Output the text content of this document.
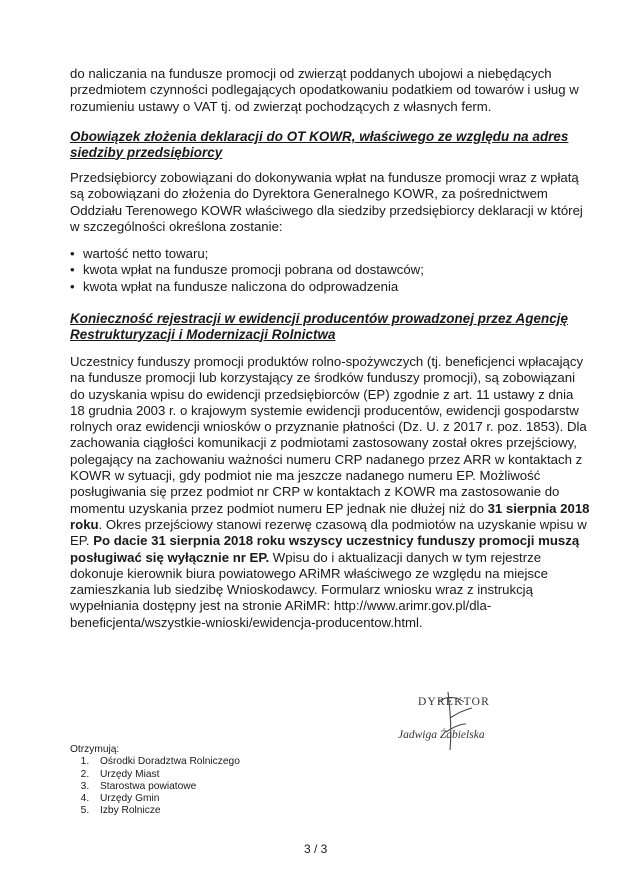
do naliczania na fundusze promocji od zwierząt poddanych ubojowi a niebędących przedmiotem czynności podlegających opodatkowaniu podatkiem od towarów i usług w rozumieniu ustawy o VAT tj. od zwierząt pochodzących z własnych ferm.

Obowiązek złożenia deklaracji do OT KOWR, właściwego ze względu na adres siedziby przedsiębiorcy

Przedsiębiorcy zobowiązani do dokonywania wpłat na fundusze promocji wraz z wpłatą są zobowiązani do złożenia do Dyrektora Generalnego KOWR, za pośrednictwem Oddziału Terenowego KOWR właściwego dla siedziby przedsiębiorcy deklaracji w której w szczególności określona zostanie:

• wartość netto towaru;
• kwota wpłat na fundusze promocji pobrana od dostawców;
• kwota wpłat na fundusze naliczona do odprowadzenia
Konieczność rejestracji w ewidencji producentów prowadzonej przez Agencję Restrukturyzacji i Modernizacji Rolnictwa

Uczestnicy funduszy promocji produktów rolno-spożywczych (tj. beneficjenci wpłacający na fundusze promocji lub korzystający ze środków funduszy promocji), są zobowiązani do uzyskania wpisu do ewidencji przedsiębiorców (EP) zgodnie z art. 11 ustawy z dnia 18 grudnia 2003 r. o krajowym systemie ewidencji producentów, ewidencji gospodarstw rolnych oraz ewidencji wniosków o przyznanie płatności (Dz. U. z 2017 r. poz. 1853). Dla zachowania ciągłości komunikacji z podmiotami zastosowany został okres przejściowy, polegający na zachowaniu ważności numeru CRP nadanego przez ARR w kontaktach z KOWR w sytuacji, gdy podmiot nie ma jeszcze nadanego numeru EP. Możliwość posługiwania się przez podmiot nr CRP w kontaktach z KOWR ma zastosowanie do momentu uzyskania przez podmiot numeru EP jednak nie dłużej niż do 31 sierpnia 2018 roku. Okres przejściowy stanowi rezerwę czasową dla podmiotów na uzyskanie wpisu w EP. Po dacie 31 sierpnia 2018 roku wszyscy uczestnicy funduszy promocji muszą posługiwać się wyłącznie nr EP. Wpisu do i aktualizacji danych w tym rejestrze dokonuje kierownik biura powiatowego ARiMR właściwego ze względu na miejsce zamieszkania lub siedzibę Wnioskodawcy. Formularz wniosku wraz z instrukcją wypełniania dostępny jest na stronie ARiMR: http://www.arimr.gov.pl/dla-beneficjenta/wszystkie-wnioski/ewidencja-producentow.html.

DYREKTOR
Jadwiga Żabielska
Otrzymują:
1. Ośrodki Doradztwa Rolniczego
2. Urzędy Miast
3. Starostwa powiatowe
4. Urzędy Gmin
5. Izby Rolnicze
3 / 3
